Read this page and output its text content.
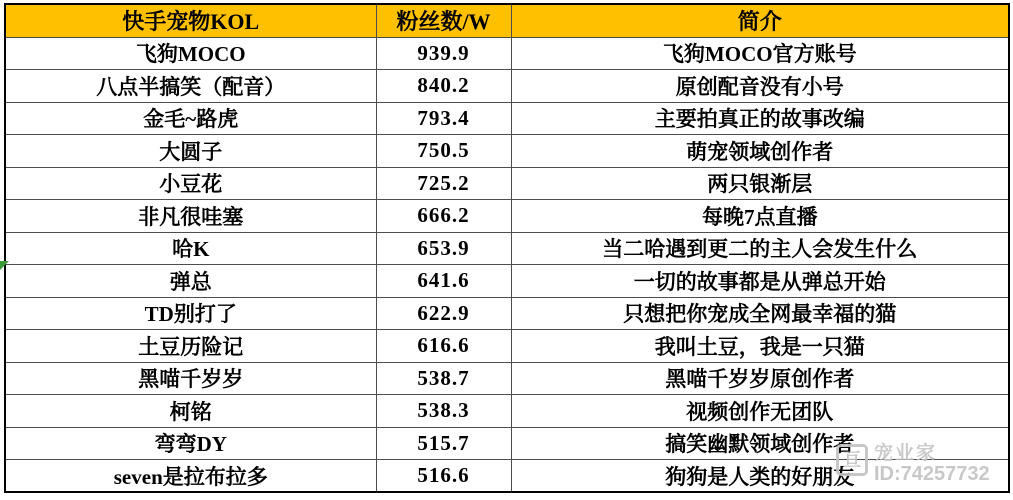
快手宠物KOL	粉丝数/W	简介
飞狗MOCO	939.9	飞狗MOCO官方账号
八点半搞笑（配音）	840.2	原创配音没有小号
金毛~路虎	793.4	主要拍真正的故事改编
大圆子	750.5	萌宠领域创作者
小豆花	725.2	两只银渐层
非凡很哇塞	666.2	每晚7点直播
哈K	653.9	当二哈遇到更二的主人会发生什么
弹总	641.6	一切的故事都是从弹总开始
TD别打了	622.9	只想把你宠成全网最幸福的猫
土豆历险记	616.6	我叫土豆，我是一只猫
黑喵千岁岁	538.7	黑喵千岁岁原创作者
柯铭	538.3	视频创作无团队
弯弯DY	515.7	搞笑幽默领域创作者
seven是拉布拉多	516.6	狗狗是人类的好朋友
亘 宠业家
ID:74257732
